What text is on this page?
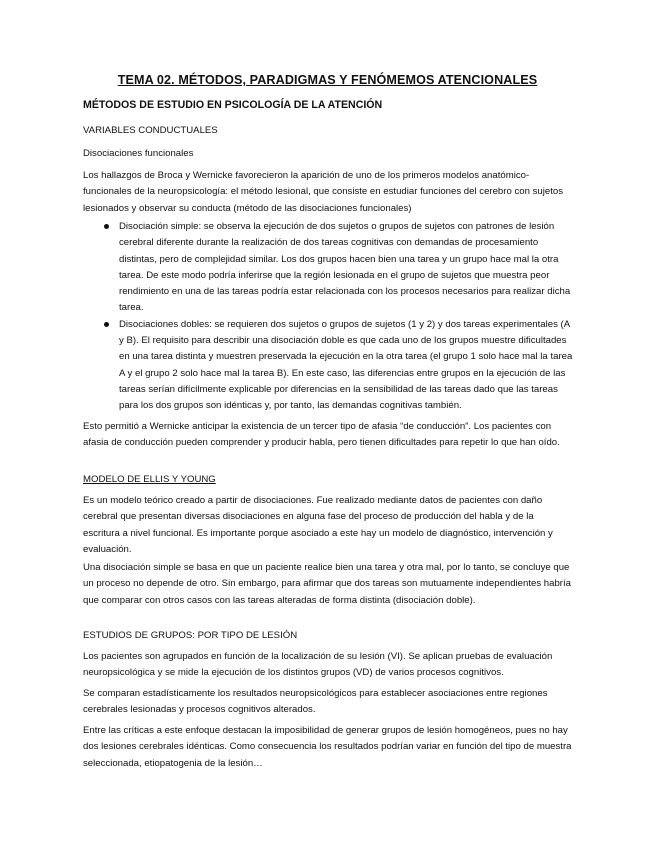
TEMA 02. MÉTODOS, PARADIGMAS Y FENÓMEMOS ATENCIONALES
MÉTODOS DE ESTUDIO EN PSICOLOGÍA DE LA ATENCIÓN
VARIABLES CONDUCTUALES
Disociaciones funcionales

Los hallazgos de Broca y Wernicke favorecieron la aparición de uno de los primeros modelos anatómico-funcionales de la neuropsicología: el método lesional, que consiste en estudiar funciones del cerebro con sujetos lesionados y observar su conducta (método de las disociaciones funcionales)

Disociación simple: se observa la ejecución de dos sujetos o grupos de sujetos con patrones de lesión cerebral diferente durante la realización de dos tareas cognitivas con demandas de procesamiento distintas, pero de complejidad similar. Los dos grupos hacen bien una tarea y un grupo hace mal la otra tarea. De este modo podría inferirse que la región lesionada en el grupo de sujetos que muestra peor rendimiento en una de las tareas podría estar relacionada con los procesos necesarios para realizar dicha tarea.
Disociaciones dobles: se requieren dos sujetos o grupos de sujetos (1 y 2) y dos tareas experimentales (A y B). El requisito para describir una disociación doble es que cada uno de los grupos muestre dificultades en una tarea distinta y muestren preservada la ejecución en la otra tarea (el grupo 1 solo hace mal la tarea A y el grupo 2 solo hace mal la tarea B). En este caso, las diferencias entre grupos en la ejecución de las tareas serían difícilmente explicable por diferencias en la sensibilidad de las tareas dado que las tareas para los dos grupos son idénticas y, por tanto, las demandas cognitivas también.

Esto permitió a Wernicke anticipar la existencia de un tercer tipo de afasia “de conducción”. Los pacientes con afasia de conducción pueden comprender y producir habla, pero tienen dificultades para repetir lo que han oído.

MODELO DE ELLIS Y YOUNG

Es un modelo teórico creado a partir de disociaciones. Fue realizado mediante datos de pacientes con daño cerebral que presentan diversas disociaciones en alguna fase del proceso de producción del habla y de la escritura a nivel funcional. Es importante porque asociado a este hay un modelo de diagnóstico, intervención y evaluación.

Una disociación simple se basa en que un paciente realice bien una tarea y otra mal, por lo tanto, se concluye que un proceso no depende de otro. Sin embargo, para afirmar que dos tareas son mutuamente independientes habría que comparar con otros casos con las tareas alteradas de forma distinta (disociación doble).

ESTUDIOS DE GRUPOS: POR TIPO DE LESIÓN

Los pacientes son agrupados en función de la localización de su lesión (VI). Se aplican pruebas de evaluación neuropsicológica y se mide la ejecución de los distintos grupos (VD) de varios procesos cognitivos.

Se comparan estadísticamente los resultados neuropsicológicos para establecer asociaciones entre regiones cerebrales lesionadas y procesos cognitivos alterados.

Entre las críticas a este enfoque destacan la imposibilidad de generar grupos de lesión homogéneos, pues no hay dos lesiones cerebrales idénticas. Como consecuencia los resultados podrían variar en función del tipo de muestra seleccionada, etiopatogenia de la lesión…
